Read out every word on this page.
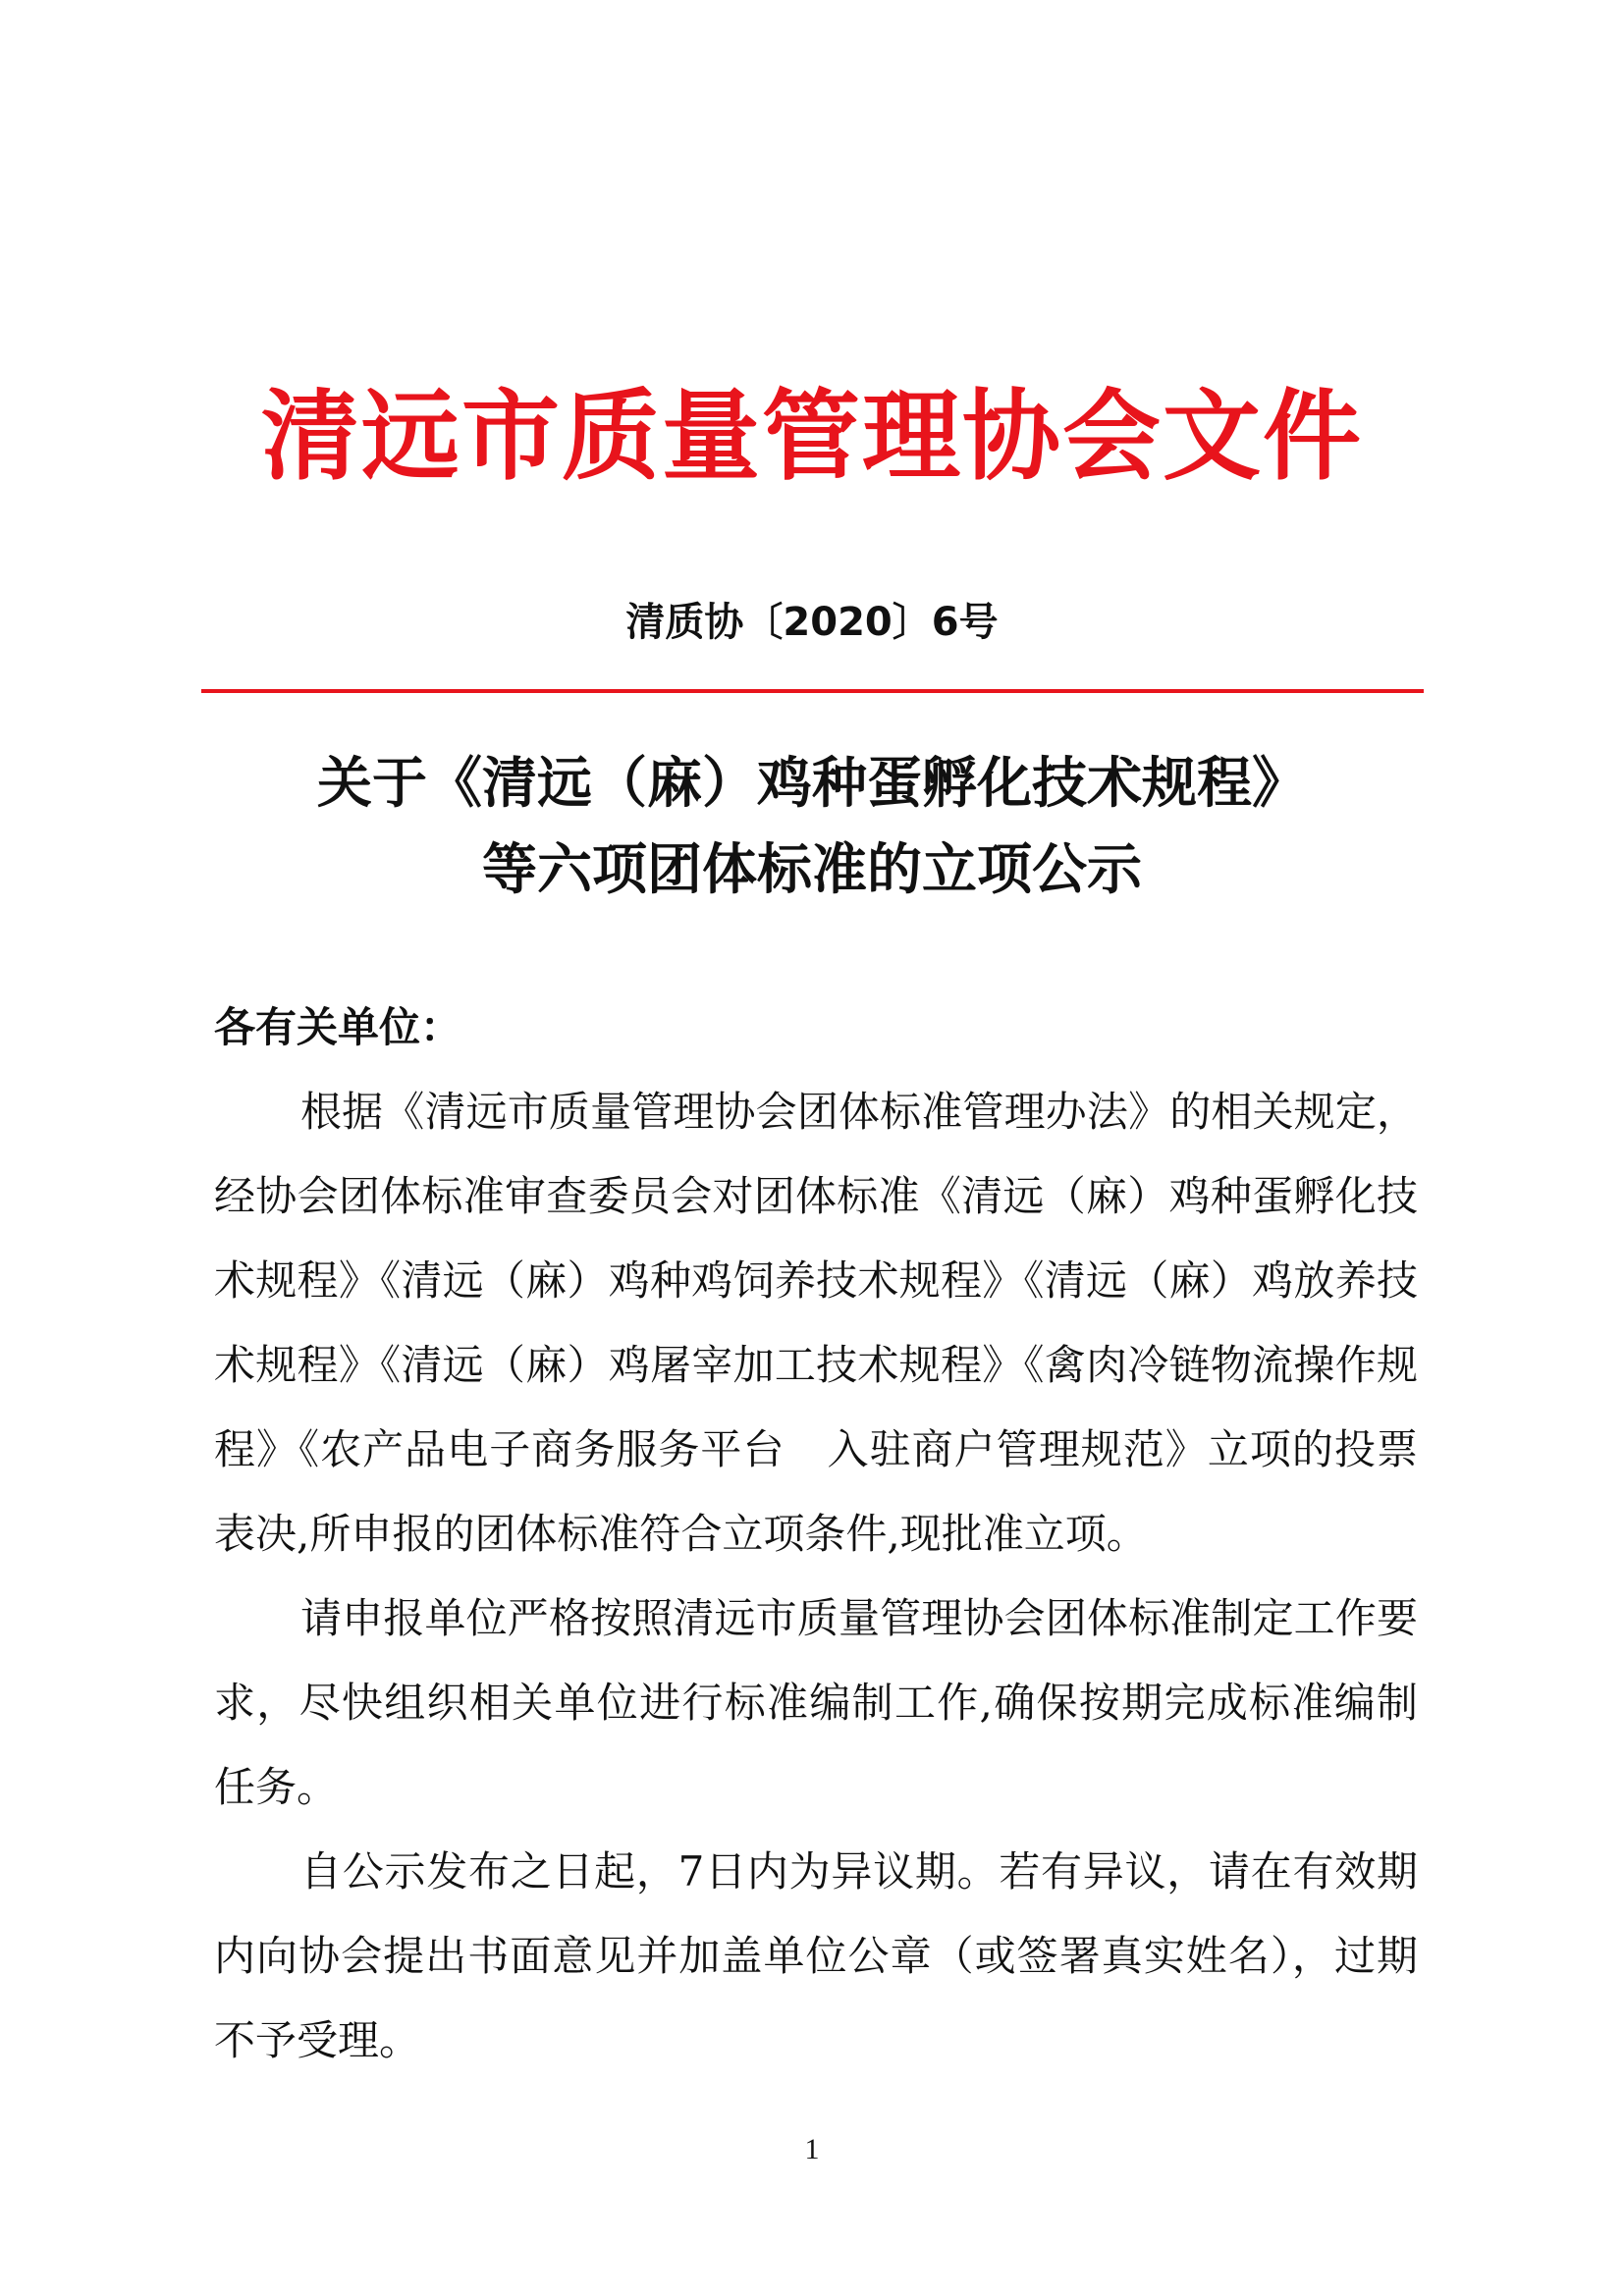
清远市质量管理协会文件
清质协〔2020〕6号
关于《清远（麻）鸡种蛋孵化技术规程》
等六项团体标准的立项公示
各有关单位：

根据《清远市质量管理协会团体标准管理办法》的相关规定，经协会团体标准审查委员会对团体标准《清远（麻）鸡种蛋孵化技术规程》《清远（麻）鸡种鸡饲养技术规程》《清远（麻）鸡放养技术规程》《清远（麻）鸡屠宰加工技术规程》《禽肉冷链物流操作规程》《农产品电子商务服务平台　入驻商户管理规范》立项的投票表决,所申报的团体标准符合立项条件,现批准立项。

请申报单位严格按照清远市质量管理协会团体标准制定工作要求，尽快组织相关单位进行标准编制工作,确保按期完成标准编制任务。

自公示发布之日起，7日内为异议期。若有异议，请在有效期内向协会提出书面意见并加盖单位公章（或签署真实姓名），过期不予受理。

1
